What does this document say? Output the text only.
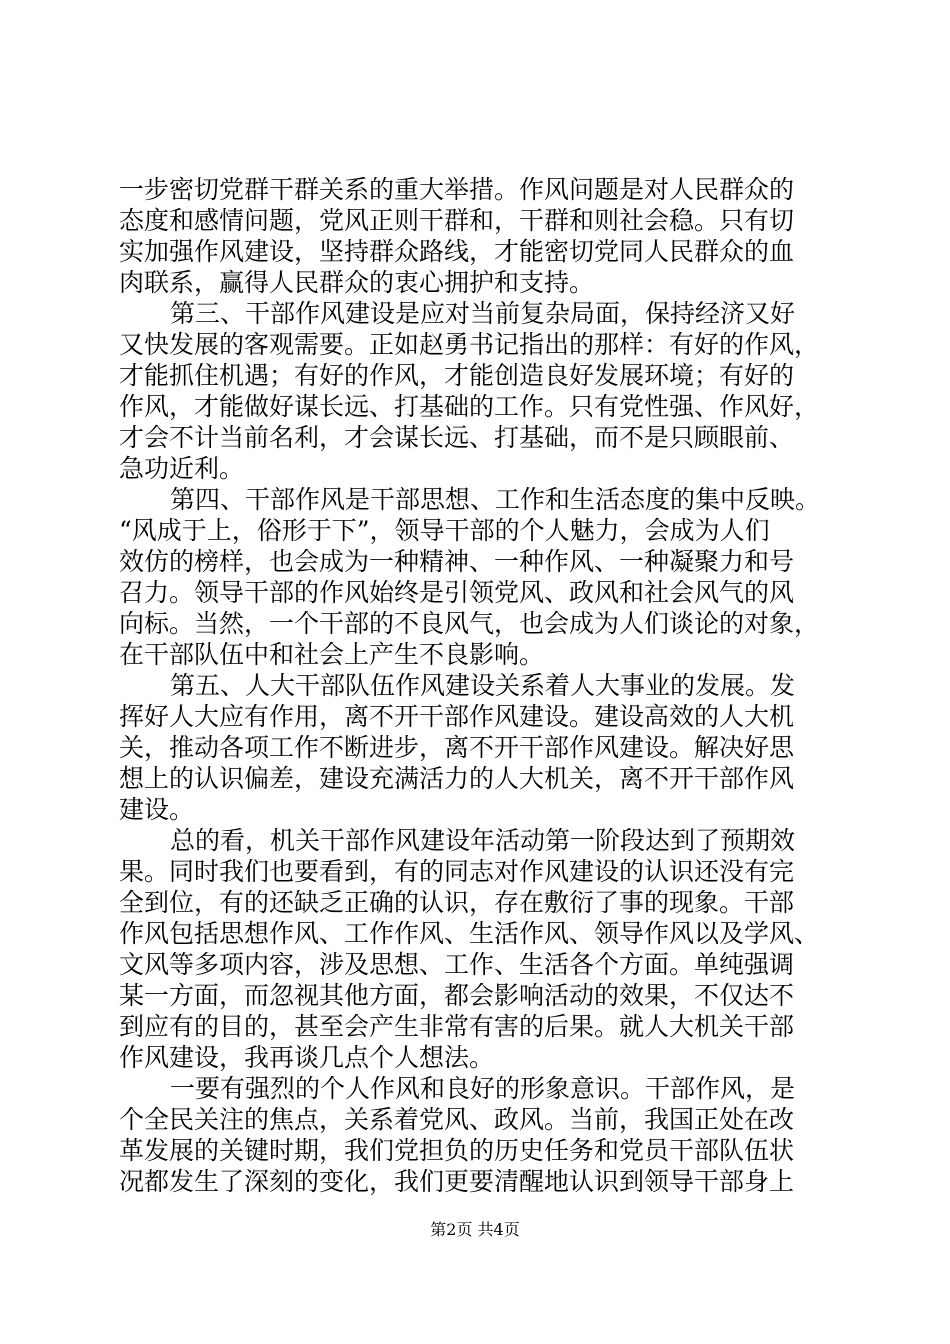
一步密切党群干群关系的重大举措。作风问题是对人民群众的
态度和感情问题，党风正则干群和，干群和则社会稳。只有切
实加强作风建设，坚持群众路线，才能密切党同人民群众的血
肉联系，赢得人民群众的衷心拥护和支持。
第三、干部作风建设是应对当前复杂局面，保持经济又好
又快发展的客观需要。正如赵勇书记指出的那样：有好的作风，
才能抓住机遇；有好的作风，才能创造良好发展环境；有好的
作风，才能做好谋长远、打基础的工作。只有党性强、作风好，
才会不计当前名利，才会谋长远、打基础，而不是只顾眼前、
急功近利。
第四、干部作风是干部思想、工作和生活态度的集中反映。
“风成于上，俗形于下”，领导干部的个人魅力，会成为人们
效仿的榜样，也会成为一种精神、一种作风、一种凝聚力和号
召力。领导干部的作风始终是引领党风、政风和社会风气的风
向标。当然，一个干部的不良风气，也会成为人们谈论的对象，
在干部队伍中和社会上产生不良影响。
第五、人大干部队伍作风建设关系着人大事业的发展。发
挥好人大应有作用，离不开干部作风建设。建设高效的人大机
关，推动各项工作不断进步，离不开干部作风建设。解决好思
想上的认识偏差，建设充满活力的人大机关，离不开干部作风
建设。
总的看，机关干部作风建设年活动第一阶段达到了预期效
果。同时我们也要看到，有的同志对作风建设的认识还没有完
全到位，有的还缺乏正确的认识，存在敷衍了事的现象。干部
作风包括思想作风、工作作风、生活作风、领导作风以及学风、
文风等多项内容，涉及思想、工作、生活各个方面。单纯强调
某一方面，而忽视其他方面，都会影响活动的效果，不仅达不
到应有的目的，甚至会产生非常有害的后果。就人大机关干部
作风建设，我再谈几点个人想法。
一要有强烈的个人作风和良好的形象意识。干部作风，是
个全民关注的焦点，关系着党风、政风。当前，我国正处在改
革发展的关键时期，我们党担负的历史任务和党员干部队伍状
况都发生了深刻的变化，我们更要清醒地认识到领导干部身上
第2页 共4页
